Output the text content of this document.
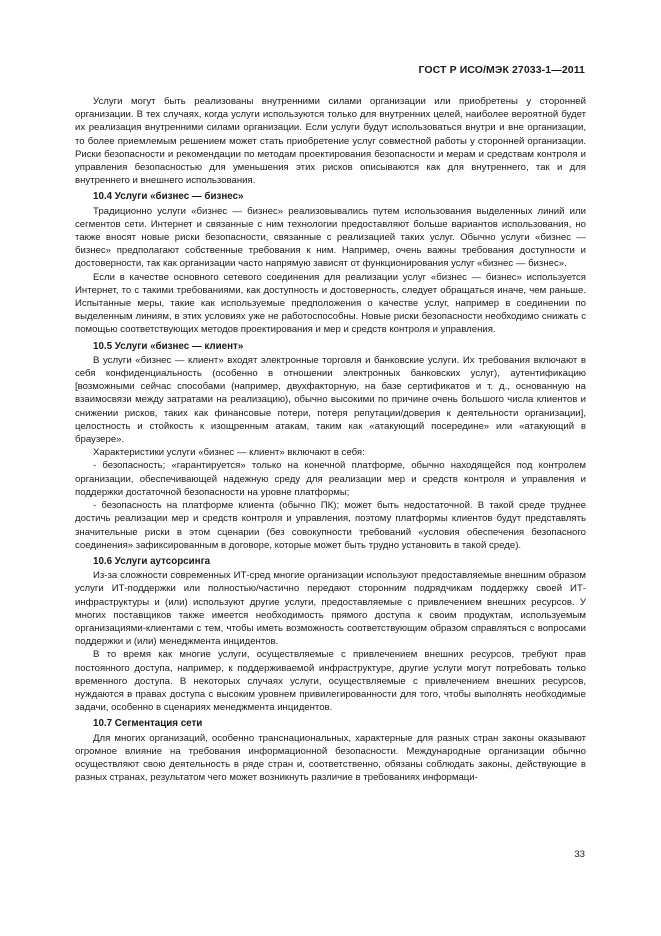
ГОСТ Р ИСО/МЭК 27033-1—2011

Услуги могут быть реализованы внутренними силами организации или приобретены у сторонней организации. В тех случаях, когда услуги используются только для внутренних целей, наиболее вероятной будет их реализация внутренними силами организации. Если услуги будут использоваться внутри и вне организации, то более приемлемым решением может стать приобретение услуг совместной работы у сторонней организации. Риски безопасности и рекомендации по методам проектирования безопасности и мерам и средствам контроля и управления безопасностью для уменьшения этих рисков описываются как для внутреннего, так и для внутреннего и внешнего использования.

10.4 Услуги «бизнес — бизнес»

Традиционно услуги «бизнес — бизнес» реализовывались путем использования выделенных линий или сегментов сети. Интернет и связанные с ним технологии предоставляют больше вариантов использования, но также вносят новые риски безопасности, связанные с реализацией таких услуг. Обычно услуги «бизнес — бизнес» предполагают собственные требования к ним. Например, очень важны требования доступности и достоверности, так как организации часто напрямую зависят от функционирования услуг «бизнес — бизнес».

Если в качестве основного сетевого соединения для реализации услуг «бизнес — бизнес» используется Интернет, то с такими требованиями, как доступность и достоверность, следует обращаться иначе, чем раньше. Испытанные меры, такие как используемые предположения о качестве услуг, например в соединении по выделенным линиям, в этих условиях уже не работоспособны. Новые риски безопасности необходимо снижать с помощью соответствующих методов проектирования и мер и средств контроля и управления.

10.5 Услуги «бизнес — клиент»

В услуги «бизнес — клиент» входят электронные торговля и банковские услуги. Их требования включают в себя конфиденциальность (особенно в отношении электронных банковских услуг), аутентификацию [возможными сейчас способами (например, двухфакторную, на базе сертификатов и т. д., основанную на взаимосвязи между затратами на реализацию), обычно высокими по причине очень большого числа клиентов и снижении рисков, таких как финансовые потери, потеря репутации/доверия к деятельности организации], целостность и стойкость к изощренным атакам, таким как «атакующий посередине» или «атакующий в браузере».

Характеристики услуги «бизнес — клиент» включают в себя:

- безопасность; «гарантируется» только на конечной платформе, обычно находящейся под контролем организации, обеспечивающей надежную среду для реализации мер и средств контроля и управления и поддержки достаточной безопасности на уровне платформы;

- безопасность на платформе клиента (обычно ПК); может быть недостаточной. В такой среде труднее достичь реализации мер и средств контроля и управления, поэтому платформы клиентов будут представлять значительные риски в этом сценарии (без совокупности требований «условия обеспечения безопасного соединения» зафиксированным в договоре, которые может быть трудно установить в такой среде).

10.6 Услуги аутсорсинга

Из-за сложности современных ИТ-сред многие организации используют предоставляемые внешним образом услуги ИТ-поддержки или полностью/частично передают сторонним подрядчикам поддержку своей ИТ-инфраструктуры и (или) используют другие услуги, предоставляемые с привлечением внешних ресурсов. У многих поставщиков также имеется необходимость прямого доступа к своим продуктам, используемым организациями-клиентами с тем, чтобы иметь возможность соответствующим образом справляться с вопросами поддержки и (или) менеджмента инцидентов.

В то время как многие услуги, осуществляемые с привлечением внешних ресурсов, требуют прав постоянного доступа, например, к поддерживаемой инфраструктуре, другие услуги могут потребовать только временного доступа. В некоторых случаях услуги, осуществляемые с привлечением внешних ресурсов, нуждаются в правах доступа с высоким уровнем привилегированности для того, чтобы выполнять необходимые задачи, особенно в сценариях менеджмента инцидентов.

10.7 Сегментация сети

Для многих организаций, особенно транснациональных, характерные для разных стран законы оказывают огромное влияние на требования информационной безопасности. Международные организации обычно осуществляют свою деятельность в ряде стран и, соответственно, обязаны соблюдать законы, действующие в разных странах, результатом чего может возникнуть различие в требованиях информаци-

33
